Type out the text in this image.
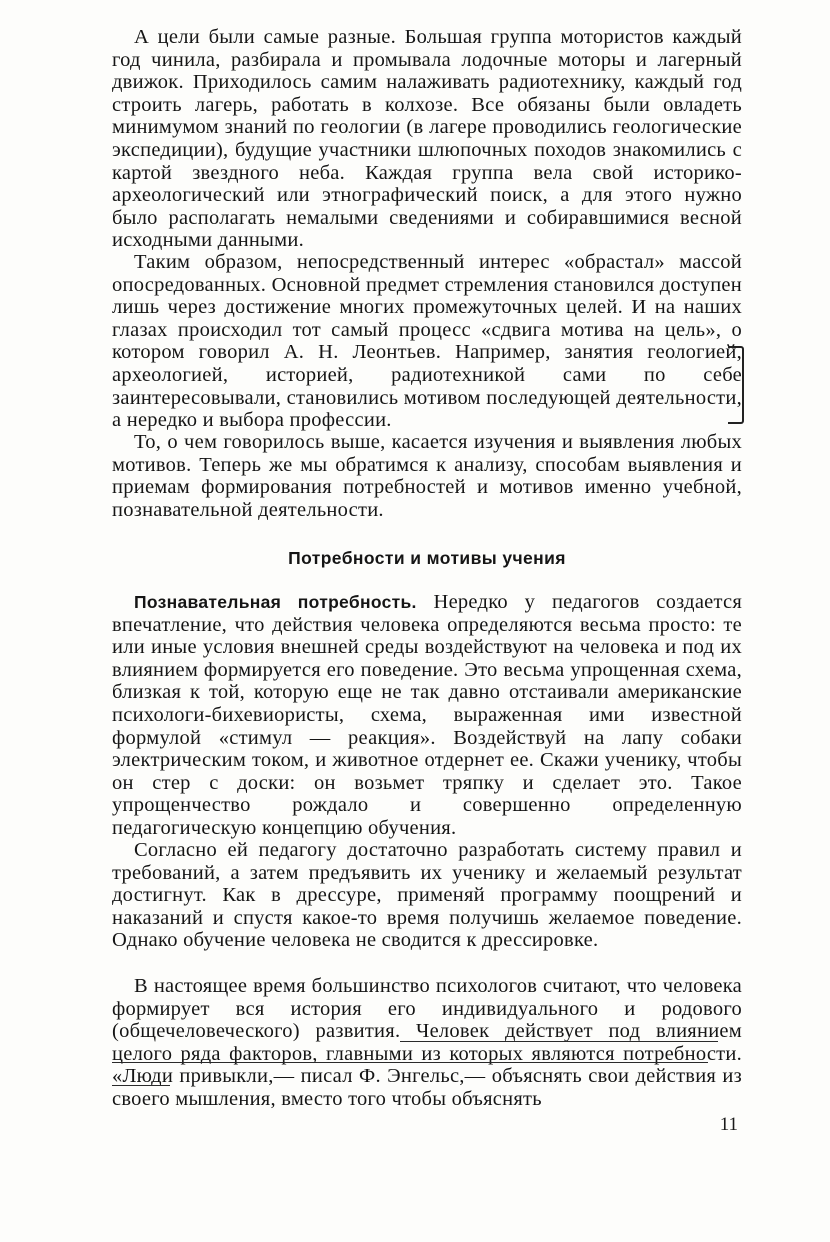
А цели были самые разные. Большая группа мотористов каждый год чинила, разбирала и промывала лодочные моторы и лагерный движок. Приходилось самим налаживать радиотехнику, каждый год строить лагерь, работать в колхозе. Все обязаны были овладеть минимумом знаний по геологии (в лагере проводились геологические экспедиции), будущие участники шлюпочных походов знакомились с картой звездного неба. Каждая группа вела свой историко-археологический или этнографический поиск, а для этого нужно было располагать немалыми сведениями и собиравшимися весной исходными данными.

Таким образом, непосредственный интерес «обрастал» массой опосредованных. Основной предмет стремления становился доступен лишь через достижение многих промежуточных целей. И на наших глазах происходил тот самый процесс «сдвига мотива на цель», о котором говорил А. Н. Леонтьев. Например, занятия геологией, археологией, историей, радиотехникой сами по себе заинтересовывали, становились мотивом последующей деятельности, а нередко и выбора профессии.

То, о чем говорилось выше, касается изучения и выявления любых мотивов. Теперь же мы обратимся к анализу, способам выявления и приемам формирования потребностей и мотивов именно учебной, познавательной деятельности.

Потребности и мотивы учения

Познавательная потребность. Нередко у педагогов создается впечатление, что действия человека определяются весьма просто: те или иные условия внешней среды воздействуют на человека и под их влиянием формируется его поведение. Это весьма упрощенная схема, близкая к той, которую еще не так давно отстаивали американские психологи-бихевиористы, схема, выраженная ими известной формулой «стимул — реакция». Воздействуй на лапу собаки электрическим током, и животное отдернет ее. Скажи ученику, чтобы он стер с доски: он возьмет тряпку и сделает это. Такое упрощенчество рождало и совершенно определенную педагогическую концепцию обучения.

Согласно ей педагогу достаточно разработать систему правил и требований, а затем предъявить их ученику и желаемый результат достигнут. Как в дрессуре, применяй программу поощрений и наказаний и спустя какое-то время получишь желаемое поведение. Однако обучение человека не сводится к дрессировке.

В настоящее время большинство психологов считают, что человека формирует вся история его индивидуального и родового (общечеловеческого) развития. Человек действует под влиянием целого ряда факторов, главными из которых являются потребности. «Люди привыкли,— писал Ф. Энгельс,— объяснять свои действия из своего мышления, вместо того чтобы объяснять

11
